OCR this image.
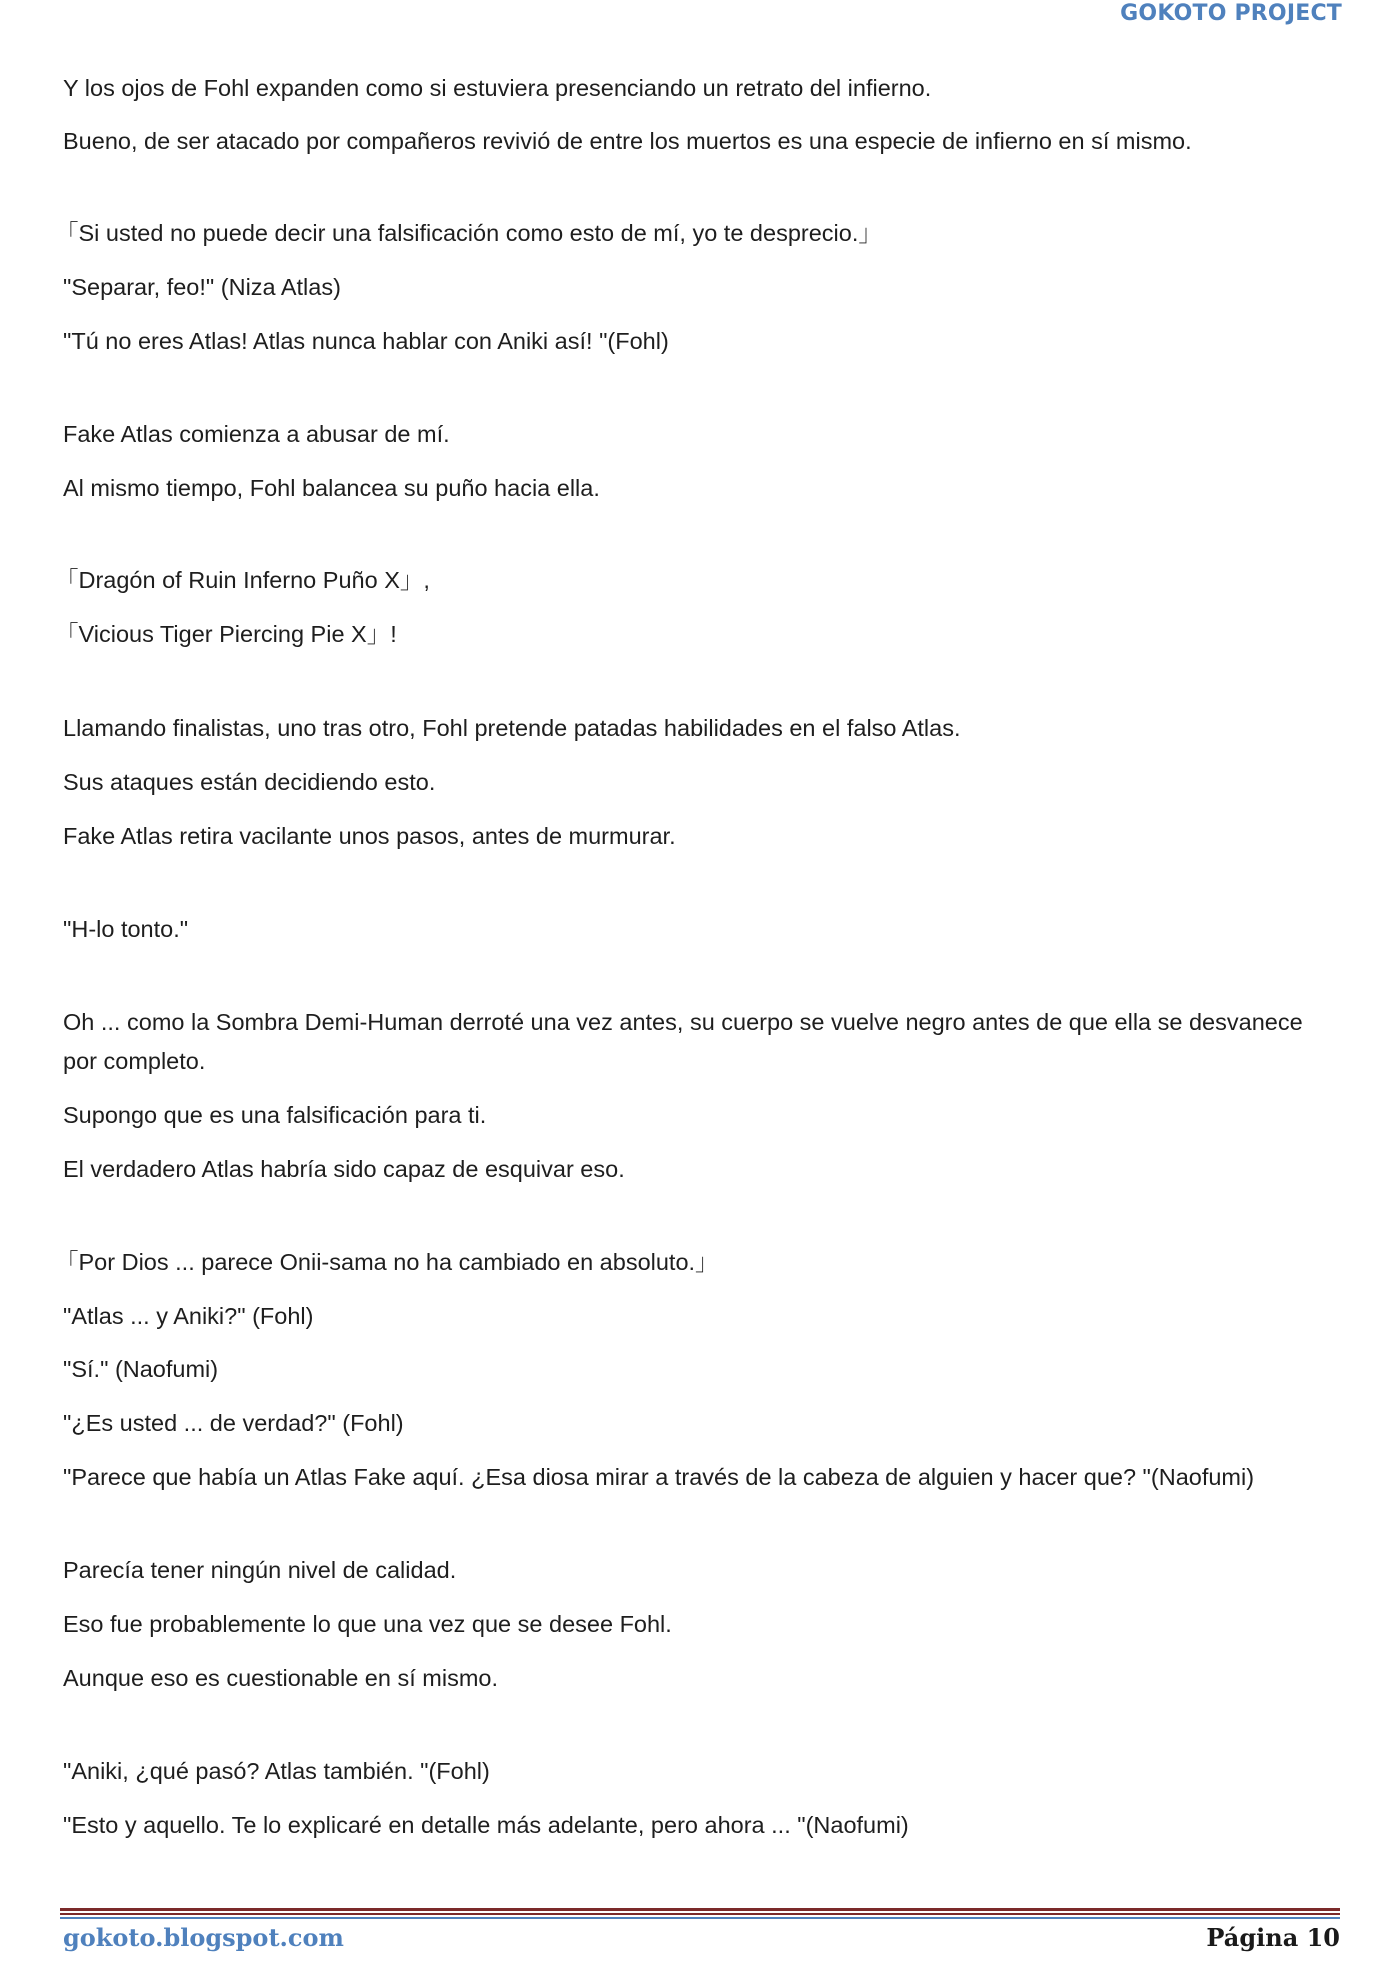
GOKOTO PROJECT

Y los ojos de Fohl expanden como si estuviera presenciando un retrato del infierno.

Bueno, de ser atacado por compañeros revivió de entre los muertos es una especie de infierno en sí mismo.

「Si usted no puede decir una falsificación como esto de mí, yo te desprecio.」

"Separar, feo!" (Niza Atlas)

"Tú no eres Atlas! Atlas nunca hablar con Aniki así! "(Fohl)

Fake Atlas comienza a abusar de mí.

Al mismo tiempo, Fohl balancea su puño hacia ella.

「Dragón of Ruin Inferno Puño X」,

「Vicious Tiger Piercing Pie X」!

Llamando finalistas, uno tras otro, Fohl pretende patadas habilidades en el falso Atlas.

Sus ataques están decidiendo esto.

Fake Atlas retira vacilante unos pasos, antes de murmurar.

"H-lo tonto."

Oh ... como la Sombra Demi-Human derroté una vez antes, su cuerpo se vuelve negro antes de que ella se desvanece por completo.

Supongo que es una falsificación para ti.

El verdadero Atlas habría sido capaz de esquivar eso.

「Por Dios ... parece Onii-sama no ha cambiado en absoluto.」

"Atlas ... y Aniki?" (Fohl)

"Sí." (Naofumi)

"¿Es usted ... de verdad?" (Fohl)

"Parece que había un Atlas Fake aquí. ¿Esa diosa mirar a través de la cabeza de alguien y hacer que? "(Naofumi)

Parecía tener ningún nivel de calidad.

Eso fue probablemente lo que una vez que se desee Fohl.

Aunque eso es cuestionable en sí mismo.

"Aniki, ¿qué pasó? Atlas también. "(Fohl)

"Esto y aquello. Te lo explicaré en detalle más adelante, pero ahora ... "(Naofumi)

gokoto.blogspot.com	Página 10
